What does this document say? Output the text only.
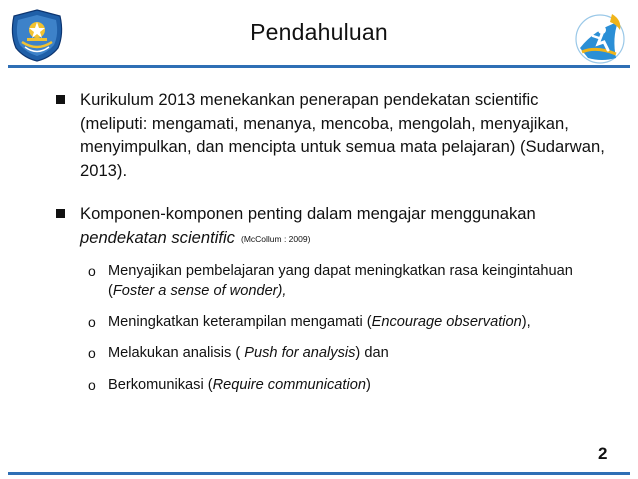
Pendahuluan
Kurikulum 2013 menekankan penerapan pendekatan scientific (meliputi: mengamati, menanya, mencoba, mengolah, menyajikan, menyimpulkan, dan mencipta untuk semua mata pelajaran) (Sudarwan, 2013).
Komponen-komponen penting dalam mengajar menggunakan pendekatan scientific (McCollum : 2009)
o Menyajikan pembelajaran yang dapat meningkatkan rasa keingintahuan (Foster a sense of wonder),
o Meningkatkan keterampilan mengamati (Encourage observation),
o Melakukan analisis ( Push for analysis) dan
o Berkomunikasi (Require communication)
2
